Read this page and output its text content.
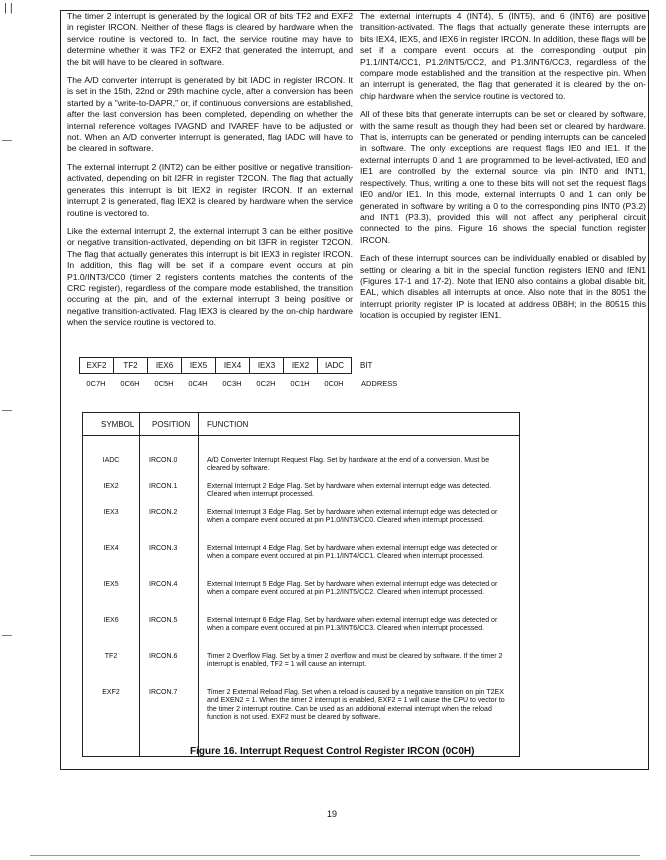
| |

The timer 2 interrupt is generated by the logical OR of bits TF2 and EXF2 in register IRCON. Neither of these flags is cleared by hardware when the service routine is vectored to. In fact, the service routine may have to determine whether it was TF2 or EXF2 that generated the interrupt, and the bit will have to be cleared in software.

The A/D converter interrupt is generated by bit IADC in register IRCON. It is set in the 15th, 22nd or 29th machine cycle, after a conversion has been started by a "write-to-DAPR," or, if continuous conversions are established, after the last conversion has been completed, depending on whether the internal reference voltages IVAGND and IVAREF have to be adjusted or not. When an A/D converter interrupt is generated, flag IADC will have to be cleared in software.

The external interrupt 2 (INT2) can be either positive or negative transition-activated, depending on bit I2FR in register T2CON. The flag that actually generates this interrupt is bit IEX2 in register IRCON. If an external interrupt 2 is generated, flag IEX2 is cleared by hardware when the service routine is vectored to.

Like the external interrupt 2, the external interrupt 3 can be either positive or negative transition-activated, depending on bit I3FR in register T2CON. The flag that actually generates this interrupt is bit IEX3 in register IRCON. In addition, this flag will be set if a compare event occurs at pin P1.0/INT3/CC0 (timer 2 registers contents matches the contents of the CRC register), regardless of the compare mode established, the transition occuring at the pin, and of the external interrupt 3 being positive or negative transition-activated. Flag IEX3 is cleared by the on-chip hardware when the service routine is vectored to.

The external interrupts 4 (INT4), 5 (INT5), and 6 (INT6) are positive transition-activated. The flags that actually generate these interrupts are bits IEX4, IEX5, and IEX6 in register IRCON. In addition, these flags will be set if a compare event occurs at the corresponding output pin P1.1/INT4/CC1, P1.2/INT5/CC2, and P1.3/INT6/CC3, regardless of the compare mode established and the transition at the respective pin. When an interrupt is generated, the flag that generated it is cleared by the on-chip hardware when the service routine is vectored to.

All of these bits that generate interrupts can be set or cleared by software, with the same result as though they had been set or cleared by hardware. That is, interrupts can be generated or pending interrupts can be canceled in software. The only exceptions are request flags IE0 and IE1. If the external interrupts 0 and 1 are programmed to be level-activated, IE0 and IE1 are controlled by the external source via pin INT0 and INT1, respectively. Thus, writing a one to these bits will not set the request flags IE0 and/or IE1. In this mode, external interrupts 0 and 1 can only be generated in software by writing a 0 to the corresponding pins INT0 (P3.2) and INT1 (P3.3), provided this will not affect any peripheral circuit connected to the pins. Figure 16 shows the special function register IRCON.

Each of these interrupt sources can be individually enabled or disabled by setting or clearing a bit in the special function registers IEN0 and IEN1 (Figures 17-1 and 17-2). Note that IEN0 also contains a global disable bit, EAL, which disables all interrupts at once. Also note that in the 8051 the interrupt priority register IP is located at address 0B8H; in the 80515 this location is occupied by register IEN1.

EXF2	TF2	IEX6	IEX5	IEX4	IEX3	IEX2	IADC	BIT
0C7H	0C6H	0C5H	0C4H	0C3H	0C2H	0C1H	0C0H	ADDRESS
SYMBOL	POSITION	FUNCTION
IADC	IRCON.0	A/D Converter Interrupt Request Flag. Set by hardware at the end of a conversion. Must be cleared by software.
IEX2	IRCON.1	External Interrupt 2 Edge Flag. Set by hardware when external interrupt edge was detected. Cleared when interrupt processed.
IEX3	IRCON.2	External Interrupt 3 Edge Flag. Set by hardware when external interrupt edge was detected or when a compare event occured at pin P1.0/INT3/CC0. Cleared when interrupt processed.
IEX4	IRCON.3	External Interrupt 4 Edge Flag. Set by hardware when external interrupt edge was detected or when a compare event occured at pin P1.1/INT4/CC1. Cleared when interrupt processed.
IEX5	IRCON.4	External Interrupt 5 Edge Flag. Set by hardware when external interrupt edge was detected or when a compare event occured at pin P1.2/INT5/CC2. Cleared when interrupt processed.
IEX6	IRCON.5	External Interrupt 6 Edge Flag. Set by hardware when external interrupt edge was detected or when a compare event occured at pin P1.3/INT6/CC3. Cleared when interrupt processed.
TF2	IRCON.6	Timer 2 Overflow Flag. Set by a timer 2 overflow and must be cleared by software. If the timer 2 interrupt is enabled, TF2 = 1 will cause an interrupt.
EXF2	IRCON.7	Timer 2 External Reload Flag. Set when a reload is caused by a negative transition on pin T2EX and EXEN2 = 1. When the timer 2 interrupt is enabled, EXF2 = 1 will cause the CPU to vector to the timer 2 interrupt routine. Can be used as an additional external interrupt when the reload function is not used. EXF2 must be cleared by software.
Figure 16. Interrupt Request Control Register IRCON (0C0H)
19
